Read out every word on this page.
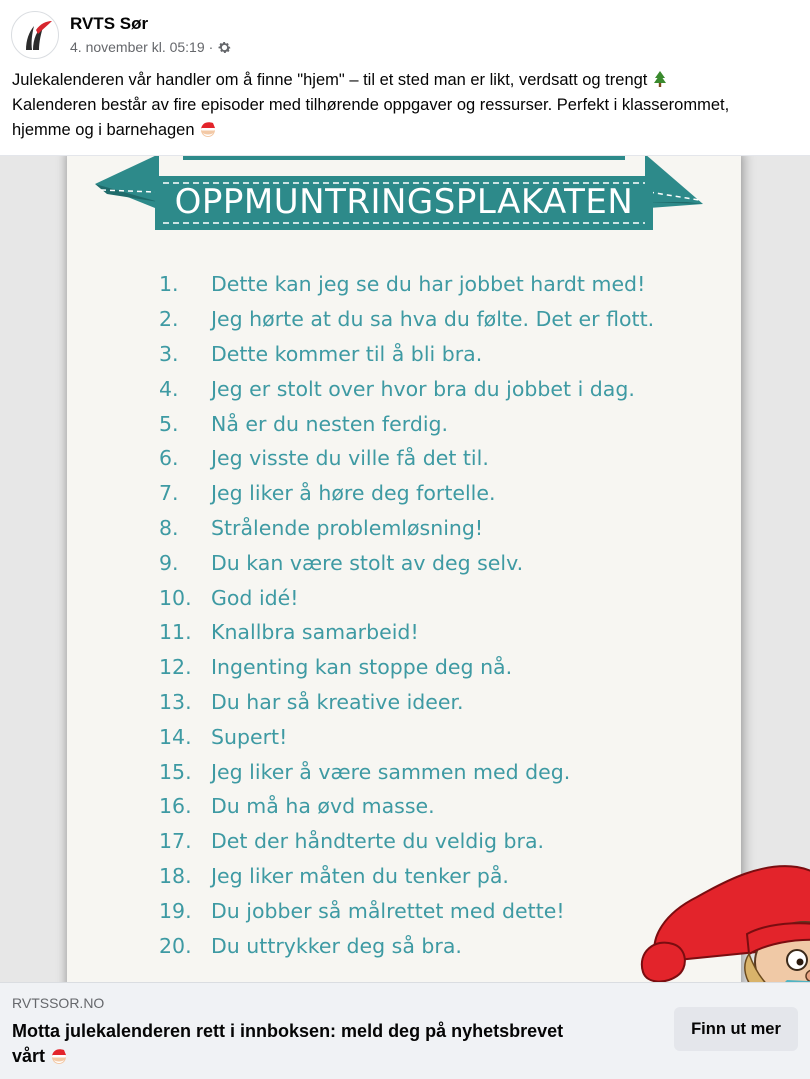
RVTS Sør
4. november kl. 05:19 ·

Julekalenderen vår handler om å finne "hjem" – til et sted man er likt, verdsatt og trengt

Kalenderen består av fire episoder med tilhørende oppgaver og ressurser. Perfekt i klasserommet,

hjemme og i barnehagen

OPPMUNTRINGSPLAKATEN
1.	Dette kan jeg se du har jobbet hardt med!
2.	Jeg hørte at du sa hva du følte. Det er flott.
3.	Dette kommer til å bli bra.
4.	Jeg er stolt over hvor bra du jobbet i dag.
5.	Nå er du nesten ferdig.
6.	Jeg visste du ville få det til.
7.	Jeg liker å høre deg fortelle.
8.	Strålende problemløsning!
9.	Du kan være stolt av deg selv.
10. God idé!
11. Knallbra samarbeid!
12. Ingenting kan stoppe deg nå.
13. Du har så kreative ideer.
14. Supert!
15. Jeg liker å være sammen med deg.
16. Du må ha øvd masse.
17. Det der håndterte du veldig bra.
18. Jeg liker måten du tenker på.
19. Du jobber så målrettet med dette!
20. Du uttrykker deg så bra.
RVTSSOR.NO
Motta julekalenderen rett i innboksen: meld deg på nyhetsbrevet
vårt
Finn ut mer
